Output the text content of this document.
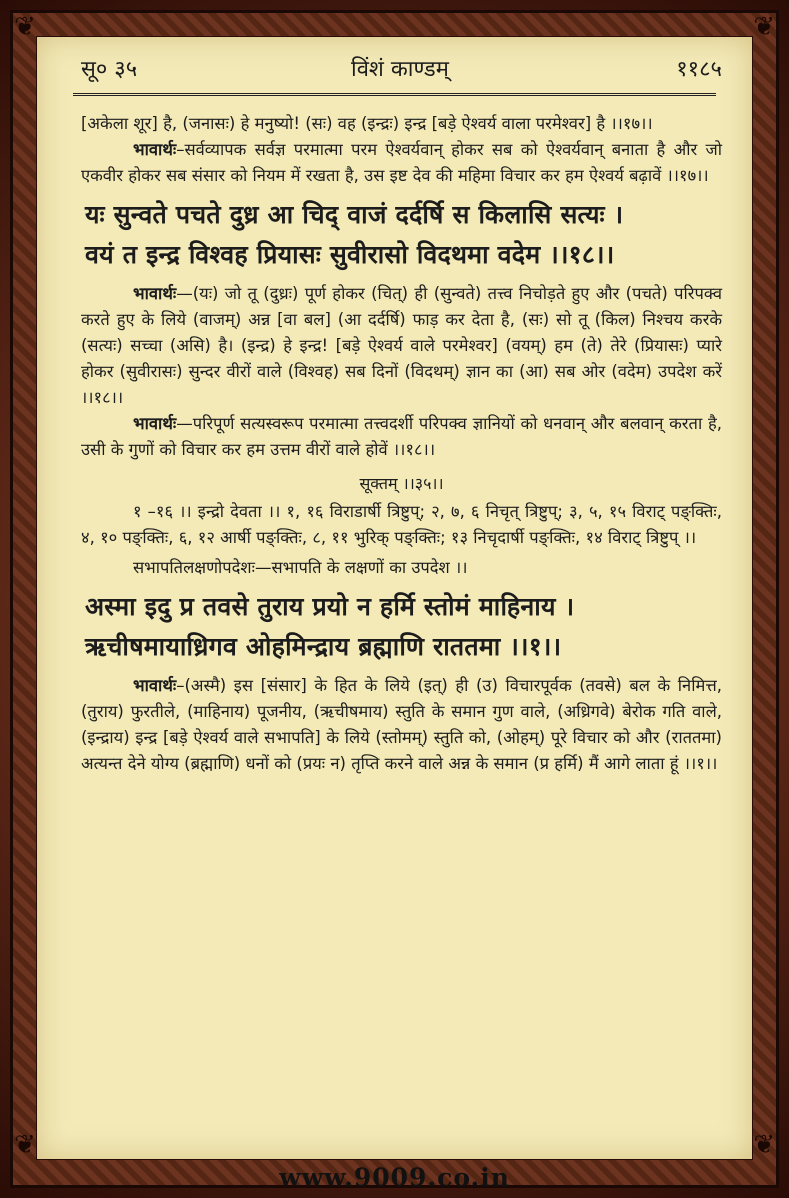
❦	❦
❦	❦
सू० ३५	विंशं काण्डम्	११८५

[अकेला शूर] है, (जनासः) हे मनुष्यो! (सः) वह (इन्द्रः) इन्द्र [बड़े ऐश्वर्य वाला परमेश्वर] है ।।१७।।

भावार्थः–सर्वव्यापक सर्वज्ञ परमात्मा परम ऐश्वर्यवान् होकर सब को ऐश्वर्यवान् बनाता है और जो एकवीर होकर सब संसार को नियम में रखता है, उस इष्ट देव की महिमा विचार कर हम ऐश्वर्य बढ़ावें ।।१७।।

यः सुन्वते पचते दुध्र आ चिद् वाजं दर्दर्षि स किलासि सत्यः ।

वयं त इन्द्र विश्वह प्रियासः सुवीरासो विदथमा वदेम ।।१८।।

भावार्थः—(यः) जो तू (दुध्रः) पूर्ण होकर (चित्) ही (सुन्वते) तत्त्व निचोड़ते हुए और (पचते) परिपक्व करते हुए के लिये (वाजम्) अन्न [वा बल] (आ दर्दर्षि) फाड़ कर देता है, (सः) सो तू (किल) निश्चय करके (सत्यः) सच्चा (असि) है। (इन्द्र) हे इन्द्र! [बड़े ऐश्वर्य वाले परमेश्वर] (वयम्) हम (ते) तेरे (प्रियासः) प्यारे होकर (सुवीरासः) सुन्दर वीरों वाले (विश्वह) सब दिनों (विदथम्) ज्ञान का (आ) सब ओर (वदेम) उपदेश करें ।।१८।।

भावार्थः—परिपूर्ण सत्यस्वरूप परमात्मा तत्त्वदर्शी परिपक्व ज्ञानियों को धनवान् और बलवान् करता है, उसी के गुणों को विचार कर हम उत्तम वीरों वाले होवें ।।१८।।

सूक्तम् ।।३५।।

१ –१६ ।। इन्द्रो देवता ।। १, १६ विराडार्षी त्रिष्टुप्; २, ७, ६ निचृत् त्रिष्टुप्; ३, ५, १५ विराट् पङ्क्तिः, ४, १० पङ्क्तिः, ६, १२ आर्षी पङ्क्तिः, ८, ११ भुरिक् पङ्क्तिः; १३ निचृदार्षी पङ्क्तिः, १४ विराट् त्रिष्टुप् ।।

सभापतिलक्षणोपदेशः—सभापति के लक्षणों का उपदेश ।।

अस्मा इदु प्र तवसे तुराय प्रयो न हर्मि स्तोमं माहिनाय ।

ऋचीषमायाध्रिगव ओहमिन्द्राय ब्रह्माणि राततमा ।।१।।

भावार्थः–(अस्मै) इस [संसार] के हित के लिये (इत्) ही (उ) विचारपूर्वक (तवसे) बल के निमित्त, (तुराय) फुरतीले, (माहिनाय) पूजनीय, (ऋचीषमाय) स्तुति के समान गुण वाले, (अध्रिगवे) बेरोक गति वाले, (इन्द्राय) इन्द्र [बड़े ऐश्वर्य वाले सभापति] के लिये (स्तोमम्) स्तुति को, (ओहम्) पूरे विचार को और (राततमा) अत्यन्त देने योग्य (ब्रह्माणि) धनों को (प्रयः न) तृप्ति करने वाले अन्न के समान (प्र हर्मि) मैं आगे लाता हूं ।।१।।

www.9009.co.in
